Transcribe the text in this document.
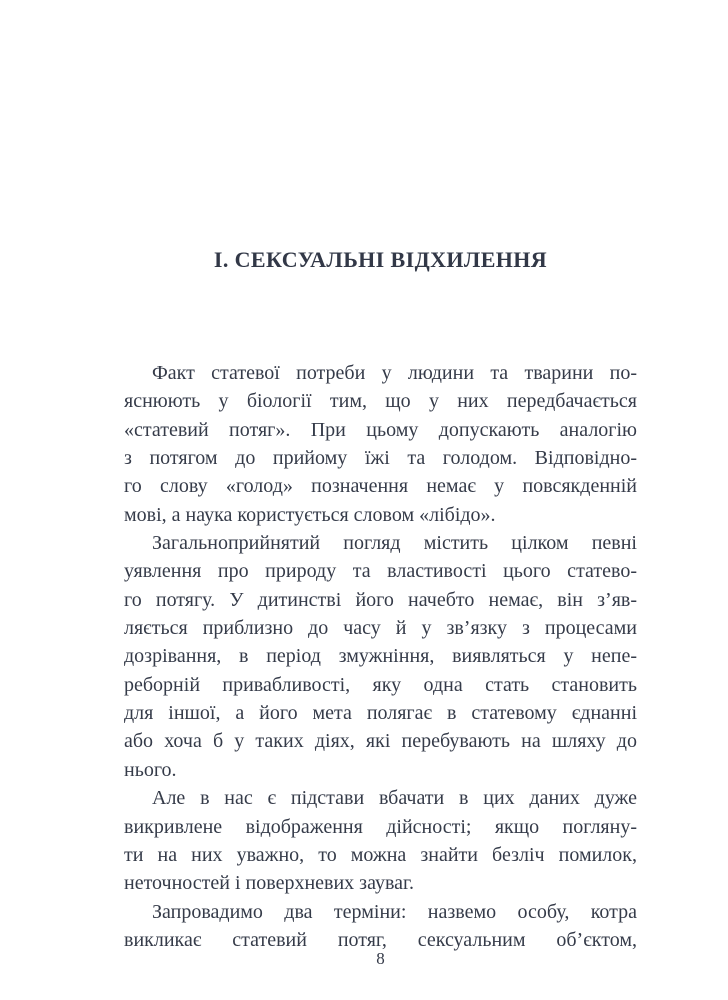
І. СЕКСУАЛЬНІ ВІДХИЛЕННЯ
Факт статевої потреби у людини та тварини по-
яснюють у біології тим, що у них передбачається
«статевий потяг». При цьому допускають аналогію
з потягом до прийому їжі та голодом. Відповідно-
го слову «голод» позначення немає у повсякденній
мові, а наука користується словом «лібідо».
Загальноприйнятий погляд містить цілком певні
уявлення про природу та властивості цього статево-
го потягу. У дитинстві його начебто немає, він з’яв-
ляється приблизно до часу й у зв’язку з процесами
дозрівання, в період змужніння, виявляться у непе-
реборній привабливості, яку одна стать становить
для іншої, а його мета полягає в статевому єднанні
або хоча б у таких діях, які перебувають на шляху до
нього.
Але в нас є підстави вбачати в цих даних дуже
викривлене відображення дійсності; якщо погляну-
ти на них уважно, то можна знайти безліч помилок,
неточностей і поверхневих зауваг.
Запровадимо два терміни: назвемо особу, котра
викликає статевий потяг, сексуальним об’єктом,
8
